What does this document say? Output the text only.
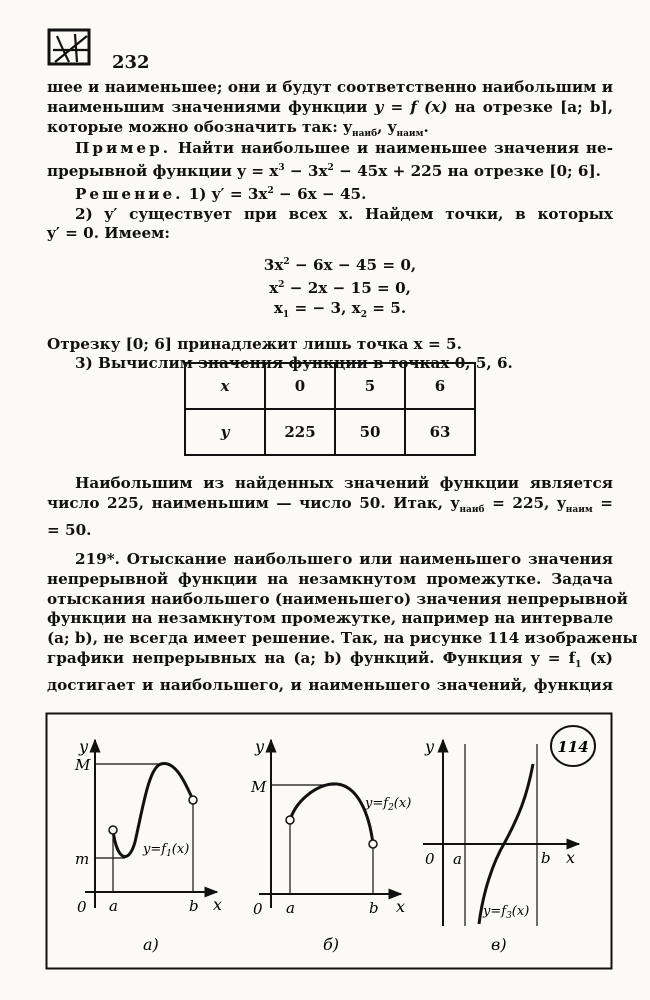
232
шее и наименьшее; они и будут соответственно наибольшим и
наименьшим значениями функции y = f (x) на отрезке [a; b],
которые можно обозначить так: $y_{наиб}$, $y_{наим}$.
Пример. Найти наибольшее и наименьшее значения не-
прерывной функции $y = x^3 - 3x^2 - 45x + 225$ на отрезке [0; 6].
Решение. 1) $y' = 3x^2 - 6x - 45$.
2) y′ существует при всех x. Найдем точки, в которых
y′ = 0. Имеем:
$3x^2 - 6x - 45 = 0$,
$x^2 - 2x - 15 = 0$,
$x_1$ = − 3, $x_2 = 5$.
Отрезку [0; 6] принадлежит лишь точка x = 5.
3) Вычислим значения функции в точках 0, 5, 6.
x	0	5	6
y	225	50	63
Наибольшим из найденных значений функции является
число 225, наименьшим — число 50. Итак, $y_{наиб} = 225$, $y_{наим}$ =
= 50.
219*. Отыскание наибольшего или наименьшего значения
непрерывной функции на незамкнутом промежутке. Задача
отыскания наибольшего (наименьшего) значения непрерывной
функции на незамкнутом промежутке, например на интервале
(a; b), не всегда имеет решение. Так, на рисунке 114 изображены
графики непрерывных на (a; b) функций. Функция $y = f_1$ (x)
достигает и наибольшего, и наименьшего значений, функция
y
x
0
M
m
a	b
$y=f_1(x)$
а)
y
x
0
M
a	b
$y=f_2(x)$
б)
y
x
0 a	b
$y=f_3(x)$
в)
114
